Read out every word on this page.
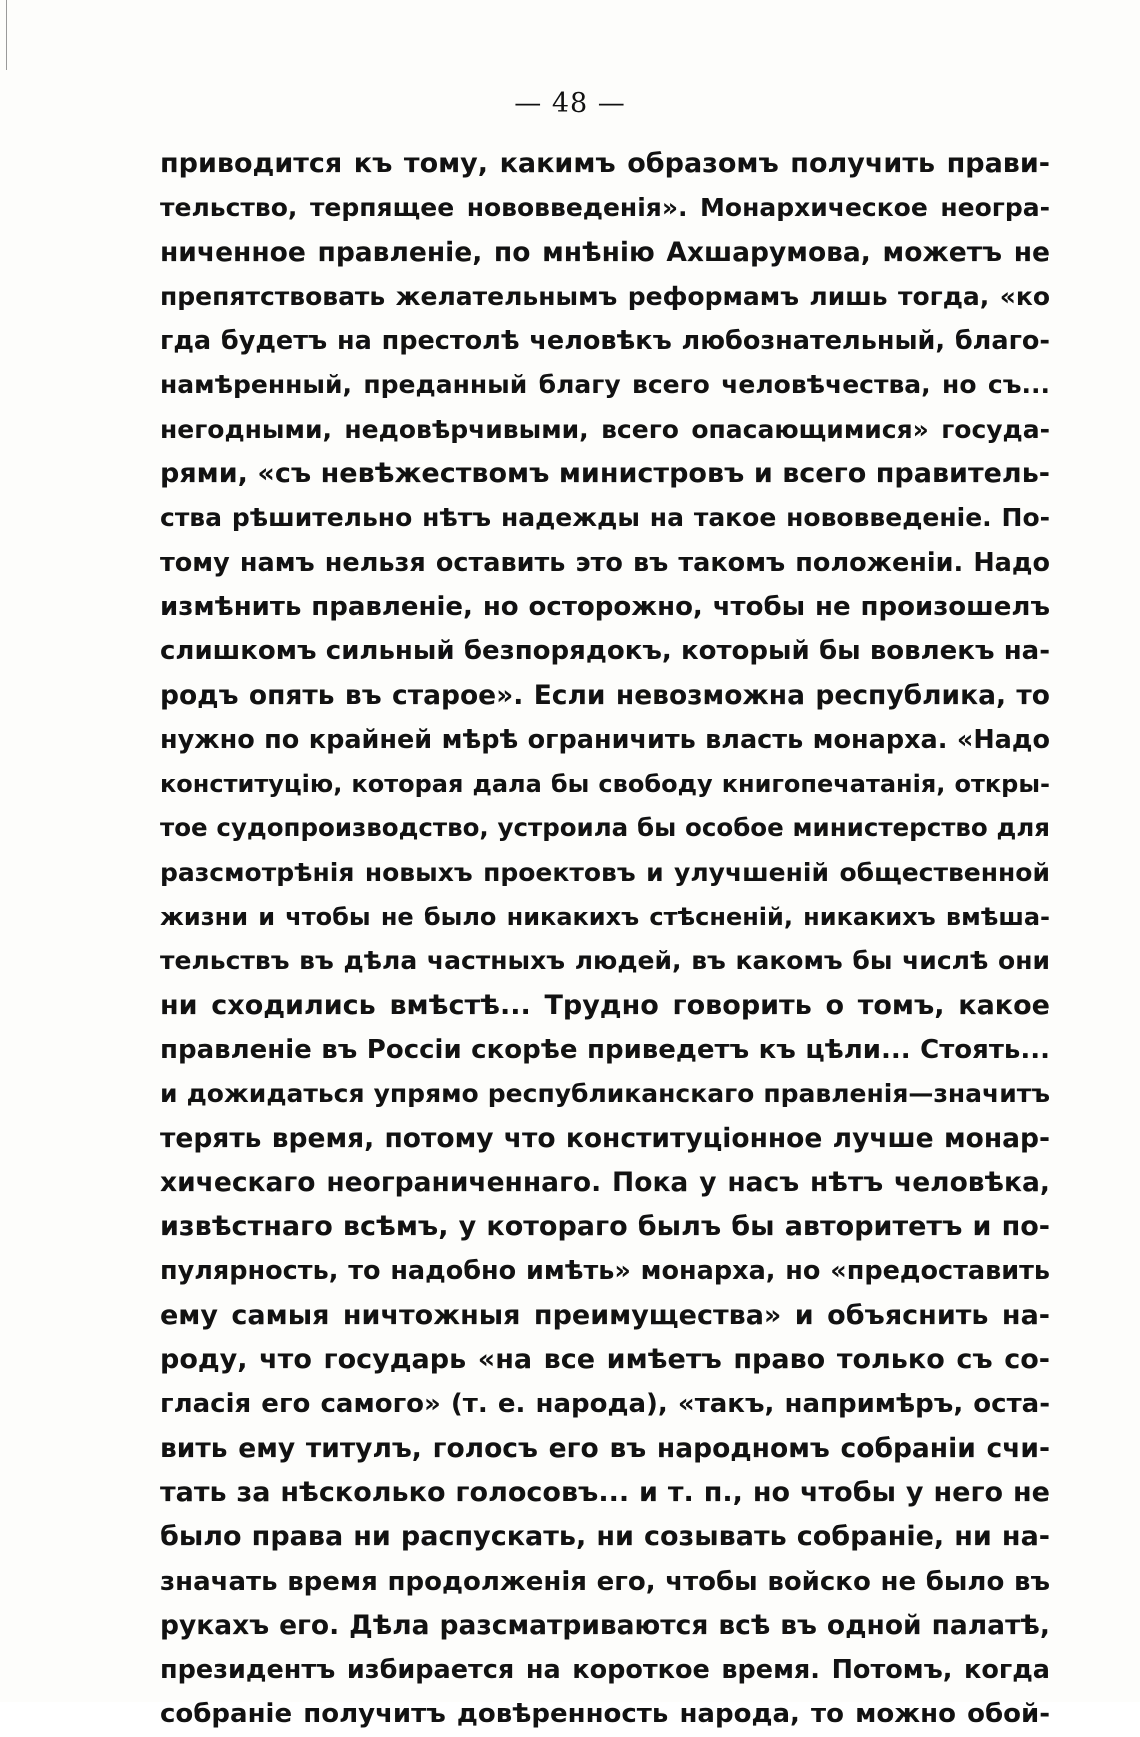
— 48 —
приводится къ тому, какимъ образомъ получить прави-
тельство, терпящее нововведенія». Монархическое неогра-
ниченное правленіе, по мнѣнію Ахшарумова, можетъ не
препятствовать желательнымъ реформамъ лишь тогда, «ко
гда будетъ на престолѣ человѣкъ любознательный, благо-
намѣренный, преданный благу всего человѣчества, но съ...
негодными, недовѣрчивыми, всего опасающимися» госуда-
рями, «съ невѣжествомъ министровъ и всего правитель-
ства рѣшительно нѣтъ надежды на такое нововведеніе. По-
тому намъ нельзя оставить это въ такомъ положеніи. Надо
измѣнить правленіе, но осторожно, чтобы не произошелъ
слишкомъ сильный безпорядокъ, который бы вовлекъ на-
родъ опять въ старое». Если невозможна республика, то
нужно по крайней мѣрѣ ограничить власть монарха. «Надо
конституцію, которая дала бы свободу книгопечатанія, откры-
тое судопроизводство, устроила бы особое министерство для
разсмотрѣнія новыхъ проектовъ и улучшеній общественной
жизни и чтобы не было никакихъ стѣсненій, никакихъ вмѣша-
тельствъ въ дѣла частныхъ людей, въ какомъ бы числѣ они
ни сходились вмѣстѣ... Трудно говорить о томъ, какое
правленіе въ Россіи скорѣе приведетъ къ цѣли... Стоять...
и дожидаться упрямо республиканскаго правленія—значитъ
терять время, потому что конституціонное лучше монар-
хическаго неограниченнаго. Пока у насъ нѣтъ человѣка,
извѣстнаго всѣмъ, у котораго былъ бы авторитетъ и по-
пулярность, то надобно имѣть» монарха, но «предоставить
ему самыя ничтожныя преимущества» и объяснить на-
роду, что государь «на все имѣетъ право только съ со-
гласія его самого» (т. е. народа), «такъ, напримѣръ, оста-
вить ему титулъ, голосъ его въ народномъ собраніи счи-
тать за нѣсколько голосовъ... и т. п., но чтобы у него не
было права ни распускать, ни созывать собраніе, ни на-
значать время продолженія его, чтобы войско не было въ
рукахъ его. Дѣла разсматриваются всѣ въ одной палатѣ,
президентъ избирается на короткое время. Потомъ, когда
собраніе получитъ довѣренность народа, то можно обой-
